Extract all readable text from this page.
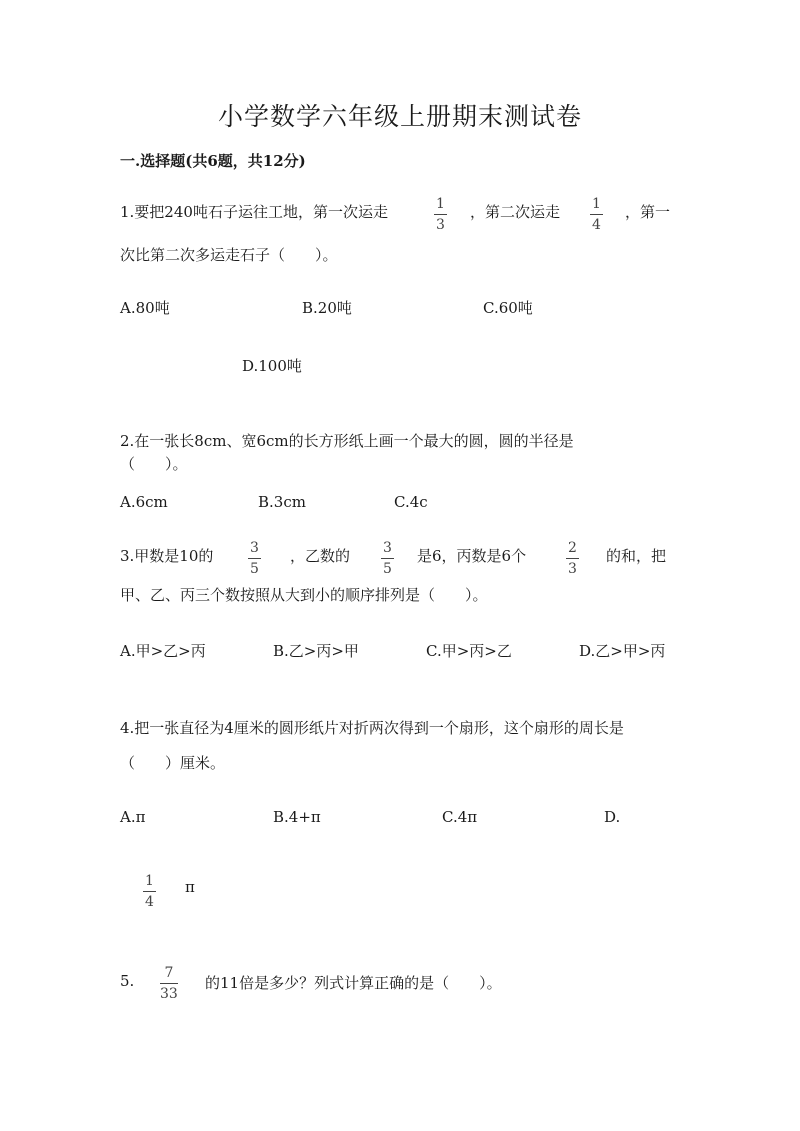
小学数学六年级上册期末测试卷
一.选择题(共6题，共12分)
1.要把240吨石子运往工地，第一次运走	1
3
，第二次运走 1
4
，第一
次比第二次多运走石子（　　）。
A.80吨	B.20吨	C.60吨
D.100吨
2.在一张长8cm、宽6cm的长方形纸上画一个最大的圆，圆的半径是
（　　）。
A.6cm	B.3cm	C.4c
3.甲数是10的	3
5
，乙数的 3
5
是6，丙数是6个	2
3
的和，把
甲、乙、丙三个数按照从大到小的顺序排列是（　　）。
A.甲>乙>丙	B.乙>丙>甲	C.甲>丙>乙	D.乙>甲>丙
4.把一张直径为4厘米的圆形纸片对折两次得到一个扇形，这个扇形的周长是
（　　）厘米。
A.π	B.4+π	C.4π	D.
1
4
π
5. 7
33
的11倍是多少？列式计算正确的是（　　）。
